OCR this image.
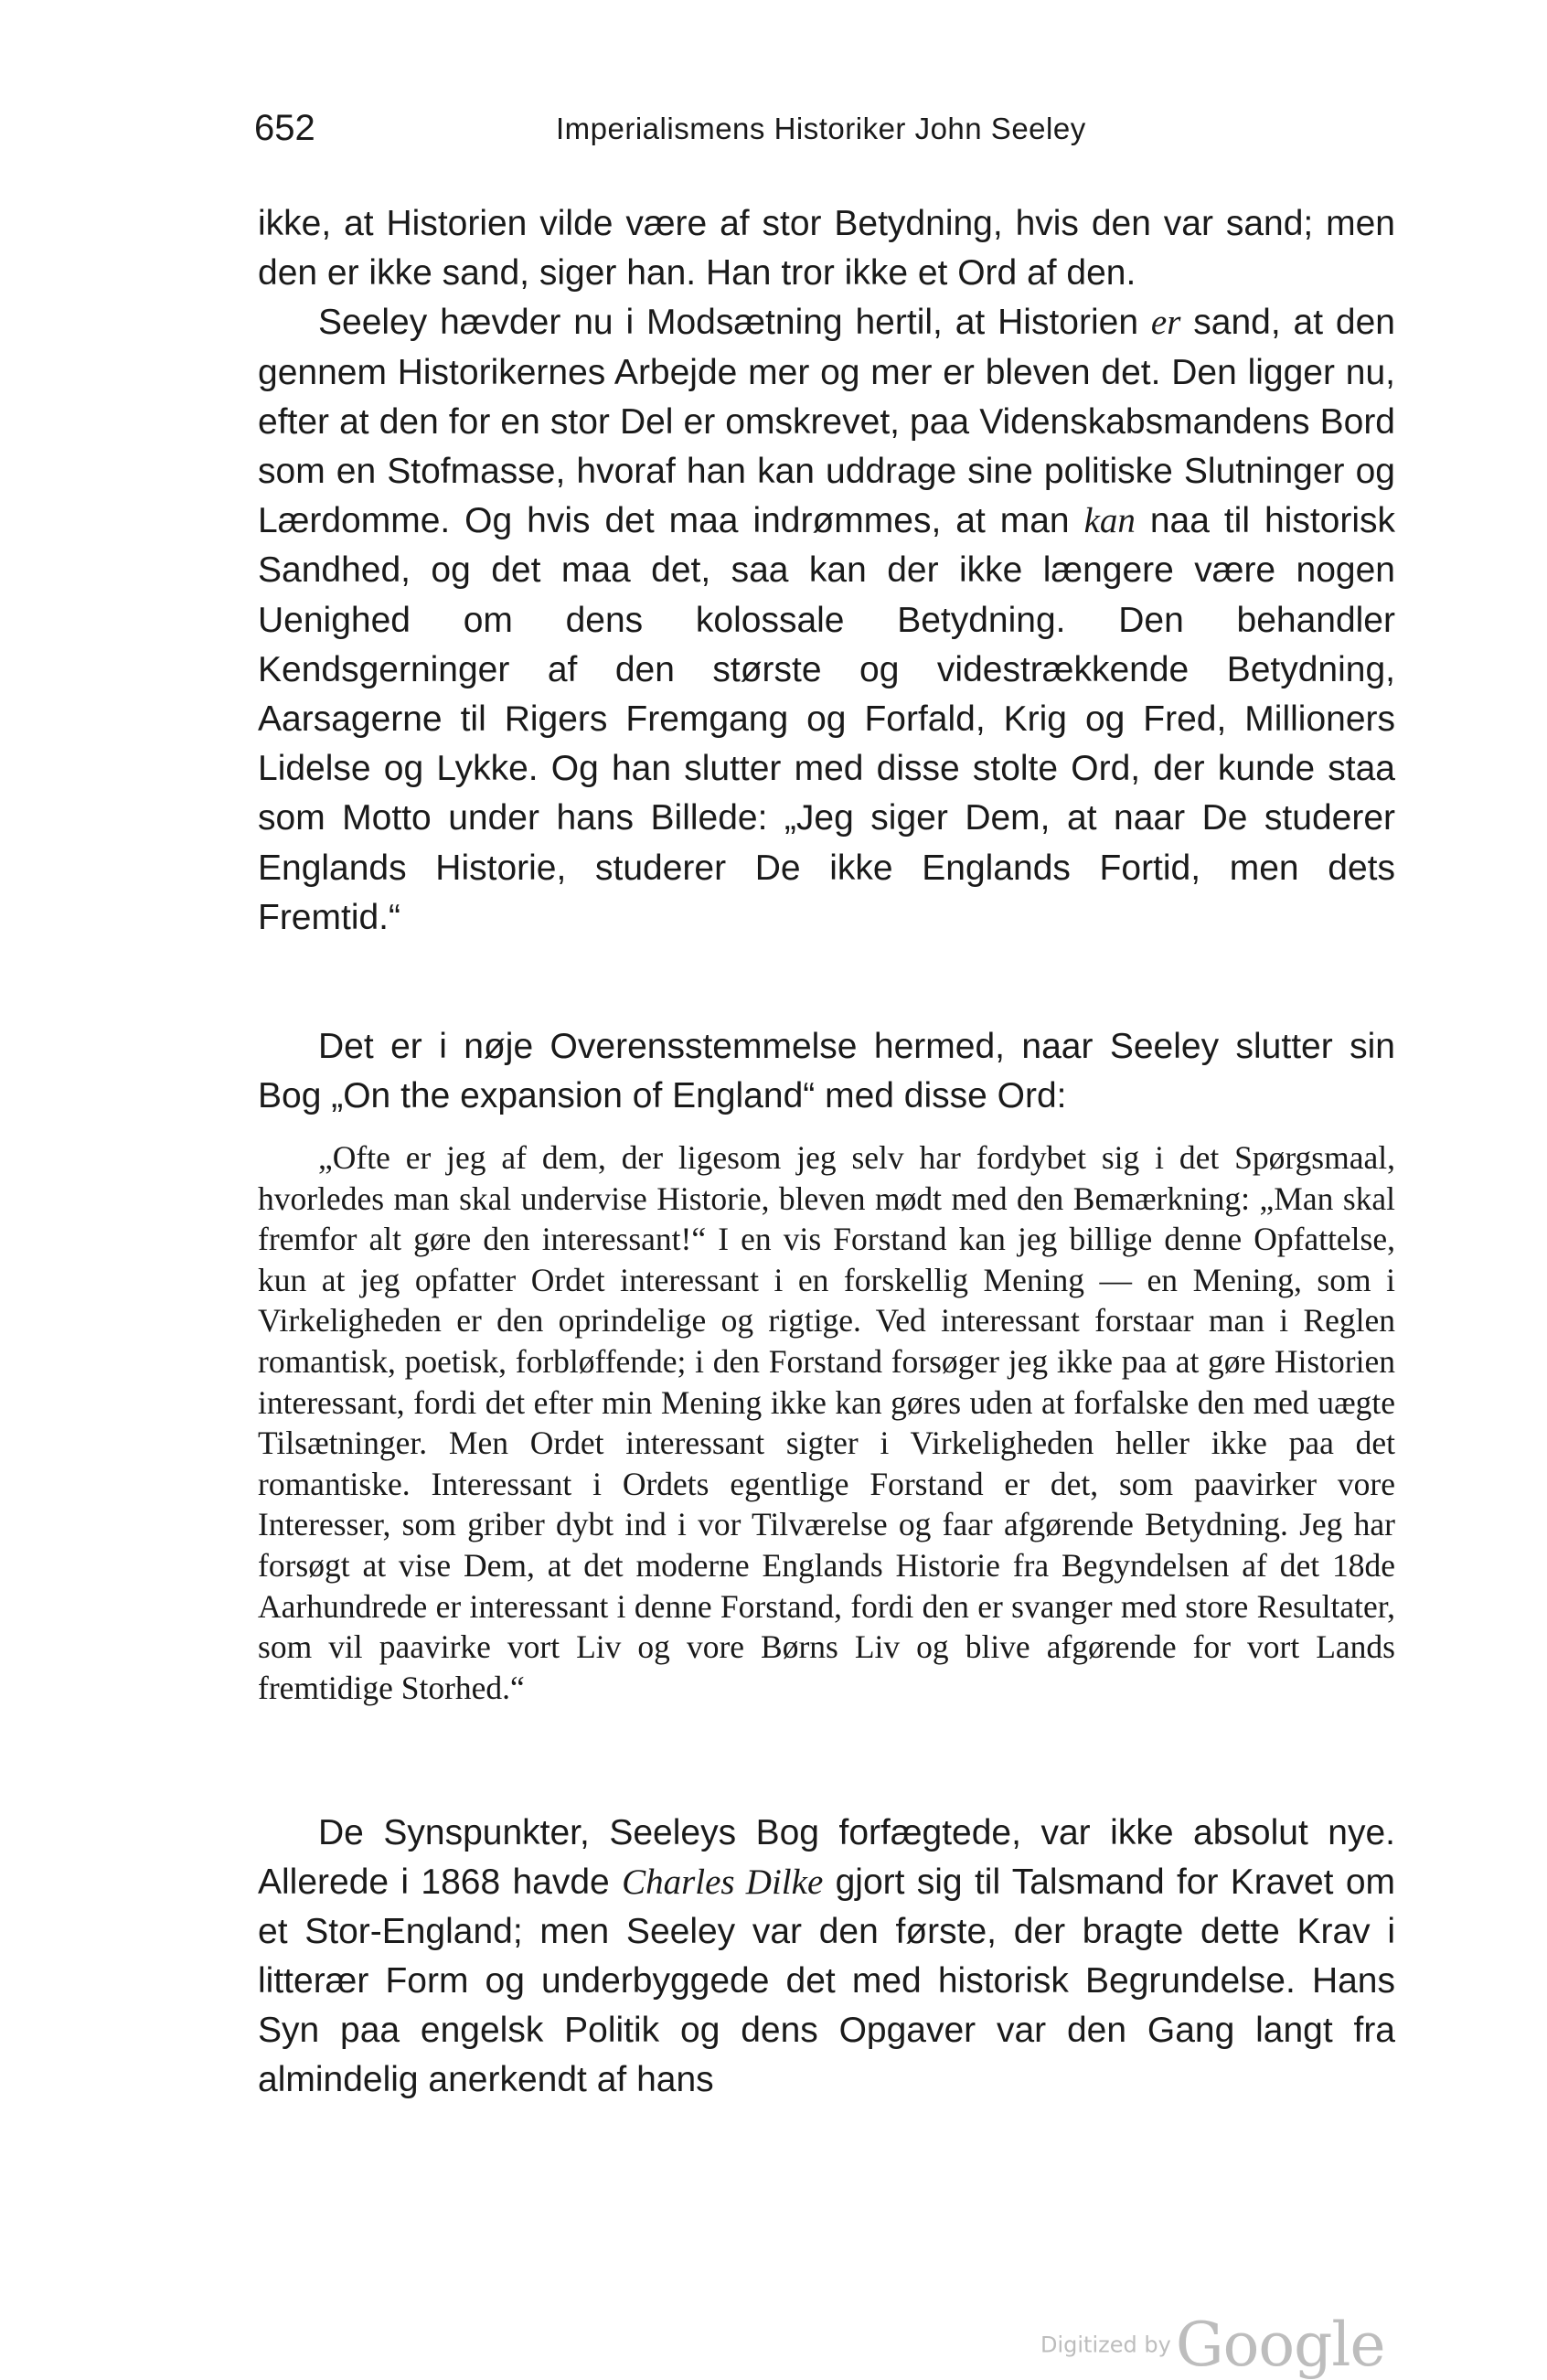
652	Imperialismens Historiker John Seeley

ikke, at Historien vilde være af stor Betydning, hvis den var sand; men den er ikke sand, siger han. Han tror ikke et Ord af den.

Seeley hævder nu i Modsætning hertil, at Historien er sand, at den gennem Historikernes Arbejde mer og mer er bleven det. Den ligger nu, efter at den for en stor Del er omskrevet, paa Videnskabsmandens Bord som en Stofmasse, hvoraf han kan uddrage sine politiske Slutninger og Lærdomme. Og hvis det maa indrømmes, at man kan naa til historisk Sandhed, og det maa det, saa kan der ikke længere være nogen Uenighed om dens kolossale Betydning. Den behandler Kendsgerninger af den største og videstrækkende Betydning, Aarsagerne til Rigers Fremgang og Forfald, Krig og Fred, Millioners Lidelse og Lykke. Og han slutter med disse stolte Ord, der kunde staa som Motto under hans Billede: „Jeg siger Dem, at naar De studerer Englands Historie, studerer De ikke Englands Fortid, men dets Fremtid.“

Det er i nøje Overensstemmelse hermed, naar Seeley slutter sin Bog „On the expansion of England“ med disse Ord:

„Ofte er jeg af dem, der ligesom jeg selv har fordybet sig i det Spørgsmaal, hvorledes man skal undervise Historie, bleven mødt med den Bemærkning: „Man skal fremfor alt gøre den interessant!“ I en vis Forstand kan jeg billige denne Opfattelse, kun at jeg opfatter Ordet interessant i en forskellig Mening — en Mening, som i Virkeligheden er den oprindelige og rigtige. Ved interessant forstaar man i Reglen romantisk, poetisk, forbløffende; i den Forstand forsøger jeg ikke paa at gøre Historien interessant, fordi det efter min Mening ikke kan gøres uden at forfalske den med uægte Tilsætninger. Men Ordet interessant sigter i Virkeligheden heller ikke paa det romantiske. Interessant i Ordets egentlige Forstand er det, som paavirker vore Interesser, som griber dybt ind i vor Tilværelse og faar afgørende Betydning. Jeg har forsøgt at vise Dem, at det moderne Englands Historie fra Begyndelsen af det 18de Aarhundrede er interessant i denne Forstand, fordi den er svanger med store Resultater, som vil paavirke vort Liv og vore Børns Liv og blive afgørende for vort Lands fremtidige Storhed.“

De Synspunkter, Seeleys Bog forfægtede, var ikke absolut nye. Allerede i 1868 havde Charles Dilke gjort sig til Talsmand for Kravet om et Stor-England; men Seeley var den første, der bragte dette Krav i litterær Form og underbyggede det med historisk Begrundelse. Hans Syn paa engelsk Politik og dens Opgaver var den Gang langt fra almindelig anerkendt af hans

Digitized by Google
